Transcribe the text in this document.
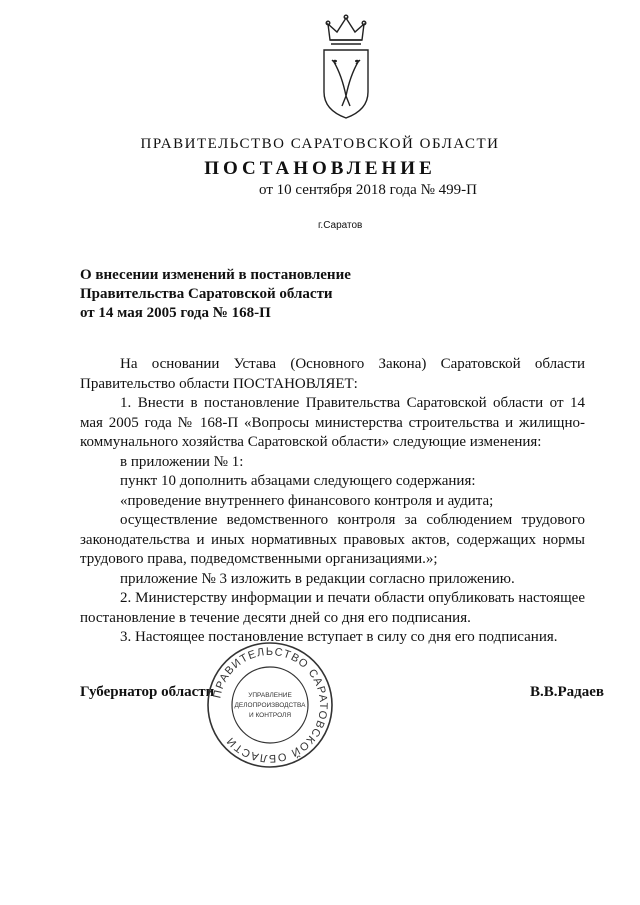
ПРАВИТЕЛЬСТВО САРАТОВСКОЙ ОБЛАСТИ
ПОСТАНОВЛЕНИЕ
от 10 сентября 2018 года № 499-П
г.Саратов
О внесении изменений в постановление
Правительства Саратовской области
от 14 мая 2005 года № 168-П

На основании Устава (Основного Закона) Саратовской области Правительство области ПОСТАНОВЛЯЕТ:

1. Внести в постановление Правительства Саратовской области от 14 мая 2005 года № 168-П «Вопросы министерства строительства и жилищно-коммунального хозяйства Саратовской области» следующие изменения:

в приложении № 1:

пункт 10 дополнить абзацами следующего содержания:

«проведение внутреннего финансового контроля и аудита;

осуществление ведомственного контроля за соблюдением трудового законодательства и иных нормативных правовых актов, содержащих нормы трудового права, подведомственными организациями.»;

приложение № 3 изложить в редакции согласно приложению.

2. Министерству информации и печати области опубликовать настоящее постановление в течение десяти дней со дня его подписания.

3. Настоящее постановление вступает в силу со дня его подписания.

Губернатор области	В.В.Радаев
ПРАВИТЕЛЬСТВО САРАТОВСКОЙ ОБЛАСТИ
УПРАВЛЕНИЕ
ДЕЛОПРОИЗВОДСТВА
И КОНТРОЛЯ
